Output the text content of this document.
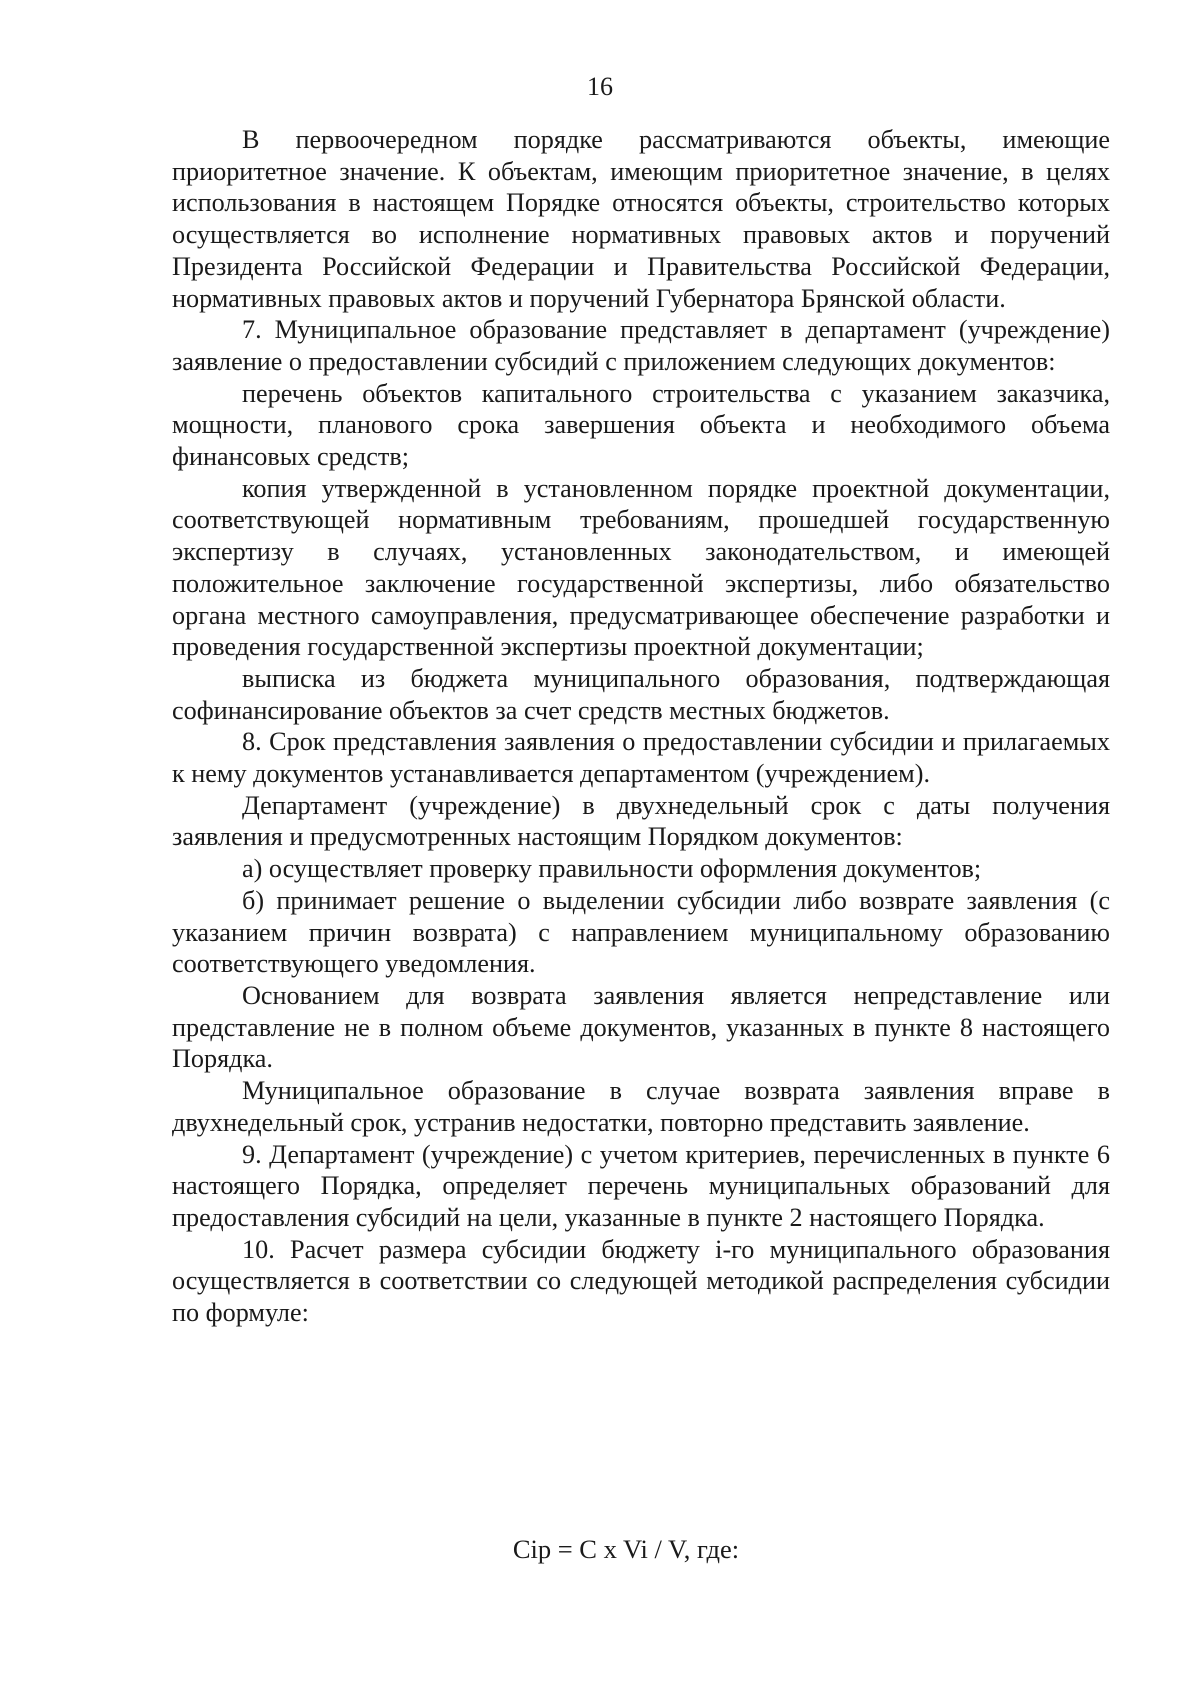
16

В первоочередном порядке рассматриваются объекты, имеющие приоритетное значение. К объектам, имеющим приоритетное значение, в целях использования в настоящем Порядке относятся объекты, строительство которых осуществляется во исполнение нормативных правовых актов и поручений Президента Российской Федерации и Правительства Российской Федерации, нормативных правовых актов и поручений Губернатора Брянской области.

7. Муниципальное образование представляет в департамент (учреждение) заявление о предоставлении субсидий с приложением следующих документов:

перечень объектов капитального строительства с указанием заказчика, мощности, планового срока завершения объекта и необходимого объема финансовых средств;

копия утвержденной в установленном порядке проектной документации, соответствующей нормативным требованиям, прошедшей государственную экспертизу в случаях, установленных законодательством, и имеющей положительное заключение государственной экспертизы, либо обязательство органа местного самоуправления, предусматривающее обеспечение разработки и проведения государственной экспертизы проектной документации;

выписка из бюджета муниципального образования, подтверждающая софинансирование объектов за счет средств местных бюджетов.

8. Срок представления заявления о предоставлении субсидии и прилагаемых к нему документов устанавливается департаментом (учреждением).

Департамент (учреждение) в двухнедельный срок с даты получения заявления и предусмотренных настоящим Порядком документов:

а) осуществляет проверку правильности оформления документов;

б) принимает решение о выделении субсидии либо возврате заявления (с указанием причин возврата) с направлением муниципальному образованию соответствующего уведомления.

Основанием для возврата заявления является непредставление или представление не в полном объеме документов, указанных в пункте 8 настоящего Порядка.

Муниципальное образование в случае возврата заявления вправе в двухнедельный срок, устранив недостатки, повторно представить заявление.

9. Департамент (учреждение) с учетом критериев, перечисленных в пункте 6 настоящего Порядка, определяет перечень муниципальных образований для предоставления субсидий на цели, указанные в пункте 2 настоящего Порядка.

10. Расчет размера субсидии бюджету i-го муниципального образования осуществляется в соответствии со следующей методикой распределения субсидии по формуле:

Сip = С x Vi / V, где:
